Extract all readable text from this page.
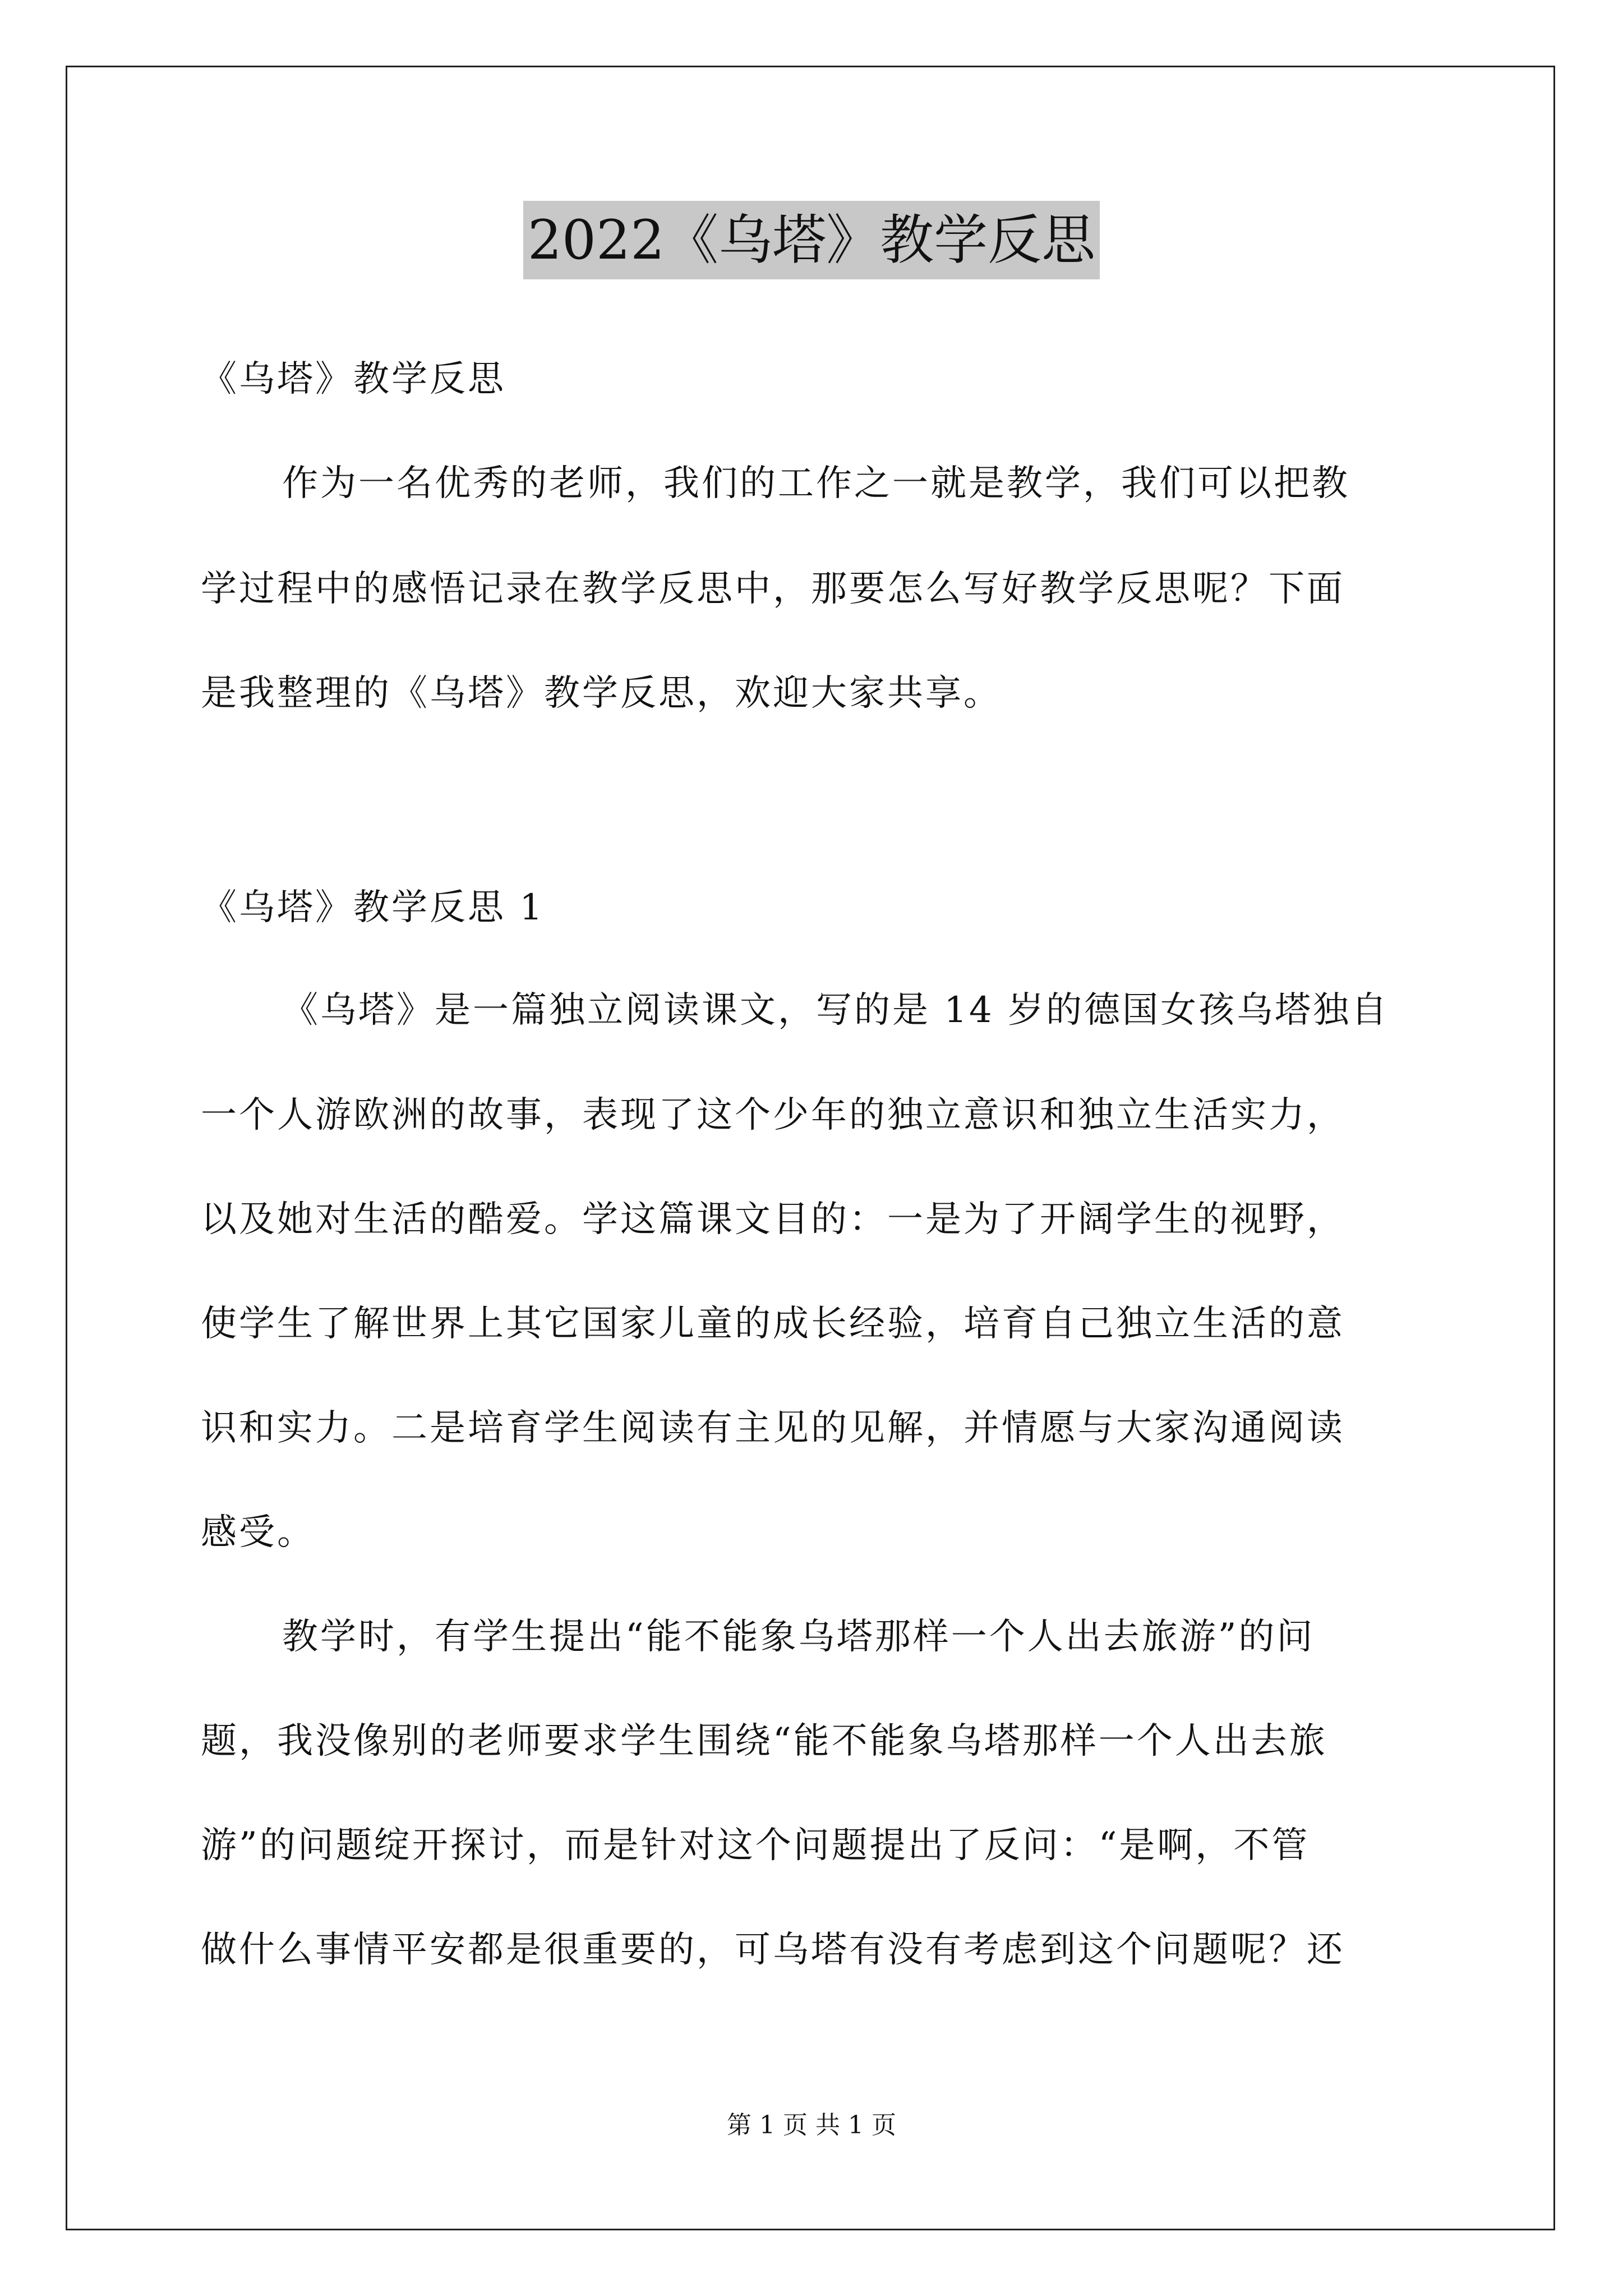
2022《乌塔》教学反思
《乌塔》教学反思
作为一名优秀的老师，我们的工作之一就是教学，我们可以把教
学过程中的感悟记录在教学反思中，那要怎么写好教学反思呢？下面
是我整理的《乌塔》教学反思，欢迎大家共享。
《乌塔》教学反思 1
《乌塔》是一篇独立阅读课文，写的是 14 岁的德国女孩乌塔独自
一个人游欧洲的故事，表现了这个少年的独立意识和独立生活实力，
以及她对生活的酷爱。学这篇课文目的：一是为了开阔学生的视野，
使学生了解世界上其它国家儿童的成长经验，培育自己独立生活的意
识和实力。二是培育学生阅读有主见的见解，并情愿与大家沟通阅读
感受。
教学时，有学生提出“能不能象乌塔那样一个人出去旅游”的问
题，我没像别的老师要求学生围绕“能不能象乌塔那样一个人出去旅
游”的问题绽开探讨，而是针对这个问题提出了反问：“是啊，不管
做什么事情平安都是很重要的，可乌塔有没有考虑到这个问题呢？还
第 1 页 共 1 页
